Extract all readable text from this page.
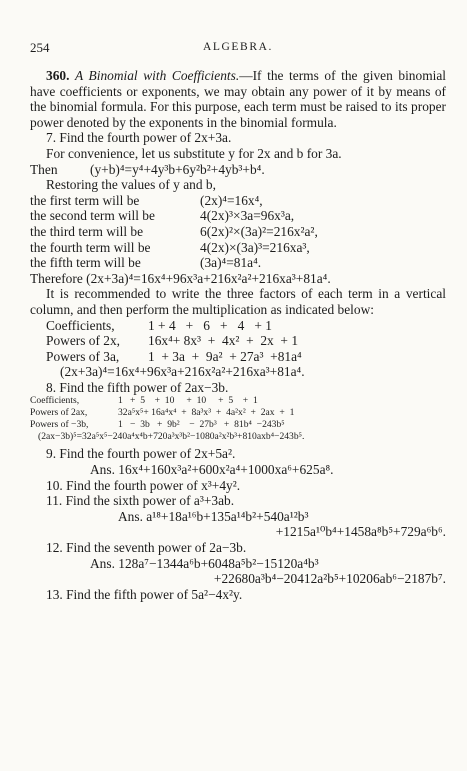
254	ALGEBRA.

360. A Binomial with Coefficients.—If the terms of the given binomial have coefficients or exponents, we may obtain any power of it by means of the binomial formula. For this purpose, each term must be raised to its proper power denoted by the exponents in the binomial formula.

7. Find the fourth power of 2x+3a.

For convenience, let us substitute y for 2x and b for 3a.

Then	(y+b)⁴=y⁴+4y³b+6y²b²+4yb³+b⁴.

Restoring the values of y and b,

the first term will be	(2x)⁴=16x⁴,
the second term will be	4(2x)³×3a=96x³a,
the third term will be	6(2x)²×(3a)²=216x²a²,
the fourth term will be	4(2x)×(3a)³=216xa³,
the fifth term will be	(3a)⁴=81a⁴.

Therefore (2x+3a)⁴=16x⁴+96x³a+216x²a²+216xa³+81a⁴.

It is recommended to write the three factors of each term in a vertical column, and then perform the multiplication as indicated below:

Coefficients, 1 + 4   +   6   +   4   + 1
Powers of 2x, 16x⁴+ 8x³  +  4x²  +  2x  + 1
Powers of 3a, 1  + 3a  +  9a²  + 27a³  +81a⁴
(2x+3a)⁴=16x⁴+96x³a+216x²a²+216xa³+81a⁴.

8. Find the fifth power of 2ax−3b.

Coefficients,	1   +  5    +  10     +  10     +  5    +  1
Powers of 2ax,	32a⁵x⁵+ 16a⁴x⁴  +  8a³x³  +  4a²x²  +  2ax  +  1
Powers of −3b,	1   −  3b   +  9b²    −  27b³   +  81b⁴  −243b⁵
(2ax−3b)⁵=32a⁵x⁵−240a⁴x⁴b+720a³x³b²−1080a²x²b³+810axb⁴−243b⁵.

9. Find the fourth power of 2x+5a².

Ans. 16x⁴+160x³a²+600x²a⁴+1000xa⁶+625a⁸.

10. Find the fourth power of x³+4y².

11. Find the sixth power of a³+3ab.

Ans. a¹⁸+18a¹⁶b+135a¹⁴b²+540a¹²b³

+1215a¹⁰b⁴+1458a⁸b⁵+729a⁶b⁶.

12. Find the seventh power of 2a−3b.

Ans. 128a⁷−1344a⁶b+6048a⁵b²−15120a⁴b³

+22680a³b⁴−20412a²b⁵+10206ab⁶−2187b⁷.

13. Find the fifth power of 5a²−4x²y.
